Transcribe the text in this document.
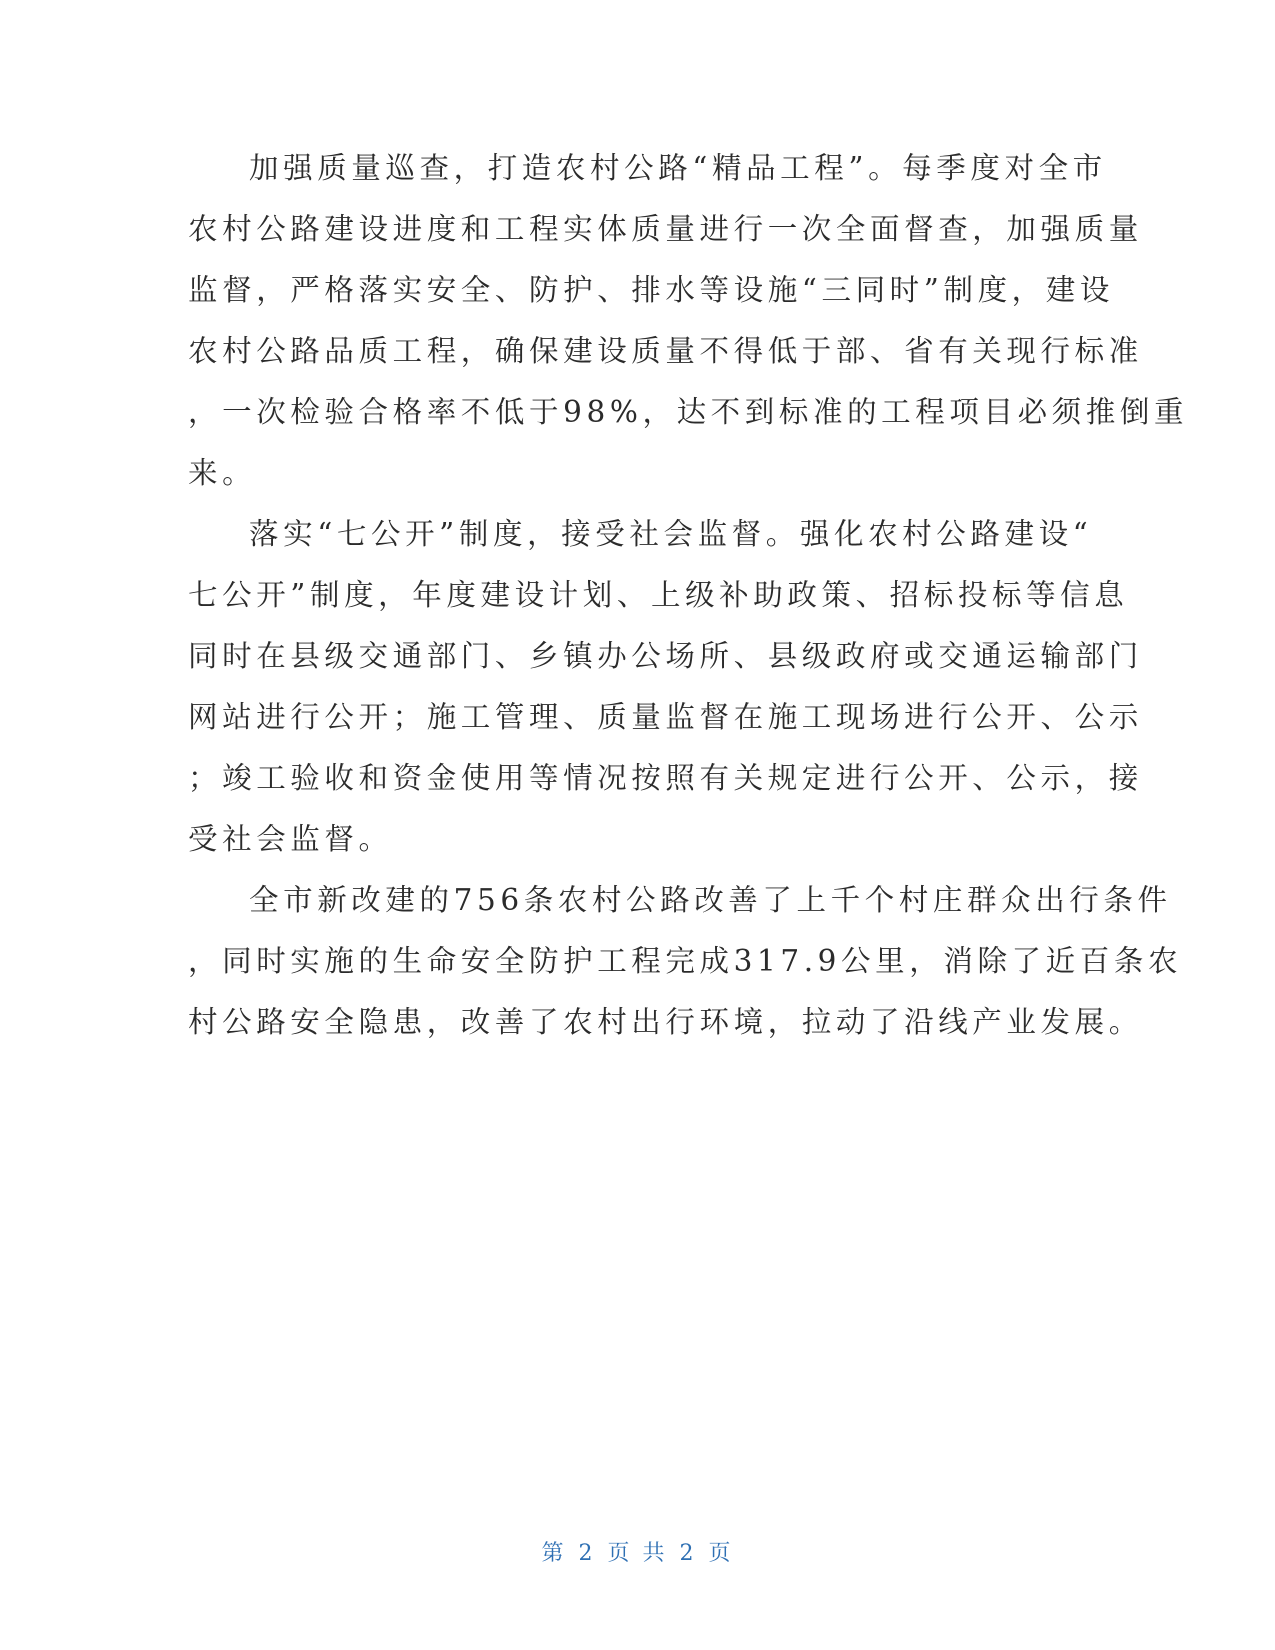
加强质量巡查，打造农村公路“精品工程”。每季度对全市
农村公路建设进度和工程实体质量进行一次全面督查，加强质量
监督，严格落实安全、防护、排水等设施“三同时”制度，建设
农村公路品质工程，确保建设质量不得低于部、省有关现行标准
，一次检验合格率不低于98%，达不到标准的工程项目必须推倒重
来。
落实“七公开”制度，接受社会监督。强化农村公路建设“
七公开”制度，年度建设计划、上级补助政策、招标投标等信息
同时在县级交通部门、乡镇办公场所、县级政府或交通运输部门
网站进行公开；施工管理、质量监督在施工现场进行公开、公示
；竣工验收和资金使用等情况按照有关规定进行公开、公示，接
受社会监督。
全市新改建的756条农村公路改善了上千个村庄群众出行条件
，同时实施的生命安全防护工程完成317.9公里，消除了近百条农
村公路安全隐患，改善了农村出行环境，拉动了沿线产业发展。
第 2 页 共 2 页
